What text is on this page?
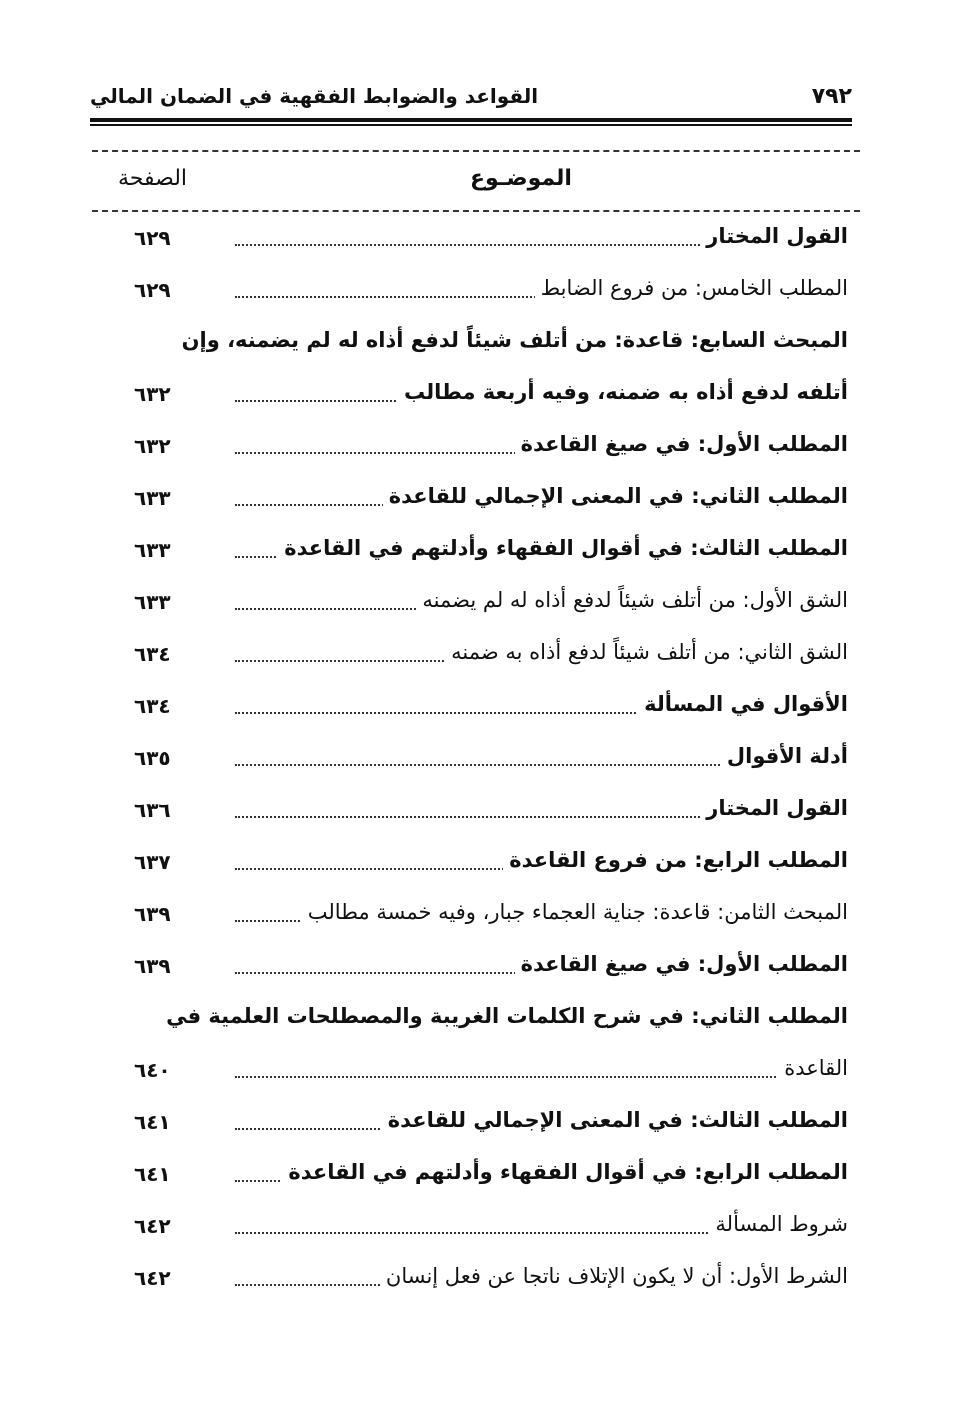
٧٩٢
القواعد والضوابط الفقهية في الضمان المالي
الموضـوع
الصفحة
القول المختار
٦٢٩
المطلب الخامس: من فروع الضابط
٦٢٩
المبحث السابع: قاعدة: من أتلف شيئاً لدفع أذاه له لم يضمنه، وإن
أتلفه لدفع أذاه به ضمنه، وفيه أربعة مطالب
٦٣٢
المطلب الأول: في صيغ القاعدة
٦٣٢
المطلب الثاني: في المعنى الإجمالي للقاعدة
٦٣٣
المطلب الثالث: في أقوال الفقهاء وأدلتهم في القاعدة
٦٣٣
الشق الأول: من أتلف شيئاً لدفع أذاه له لم يضمنه
٦٣٣
الشق الثاني: من أتلف شيئاً لدفع أذاه به ضمنه
٦٣٤
الأقوال في المسألة
٦٣٤
أدلة الأقوال
٦٣٥
القول المختار
٦٣٦
المطلب الرابع: من فروع القاعدة
٦٣٧
المبحث الثامن: قاعدة: جناية العجماء جبار، وفيه خمسة مطالب
٦٣٩
المطلب الأول: في صيغ القاعدة
٦٣٩
المطلب الثاني: في شرح الكلمات الغريبة والمصطلحات العلمية في
القاعدة
٦٤٠
المطلب الثالث: في المعنى الإجمالي للقاعدة
٦٤١
المطلب الرابع: في أقوال الفقهاء وأدلتهم في القاعدة
٦٤١
شروط المسألة
٦٤٢
الشرط الأول: أن لا يكون الإتلاف ناتجا عن فعل إنسان
٦٤٢
